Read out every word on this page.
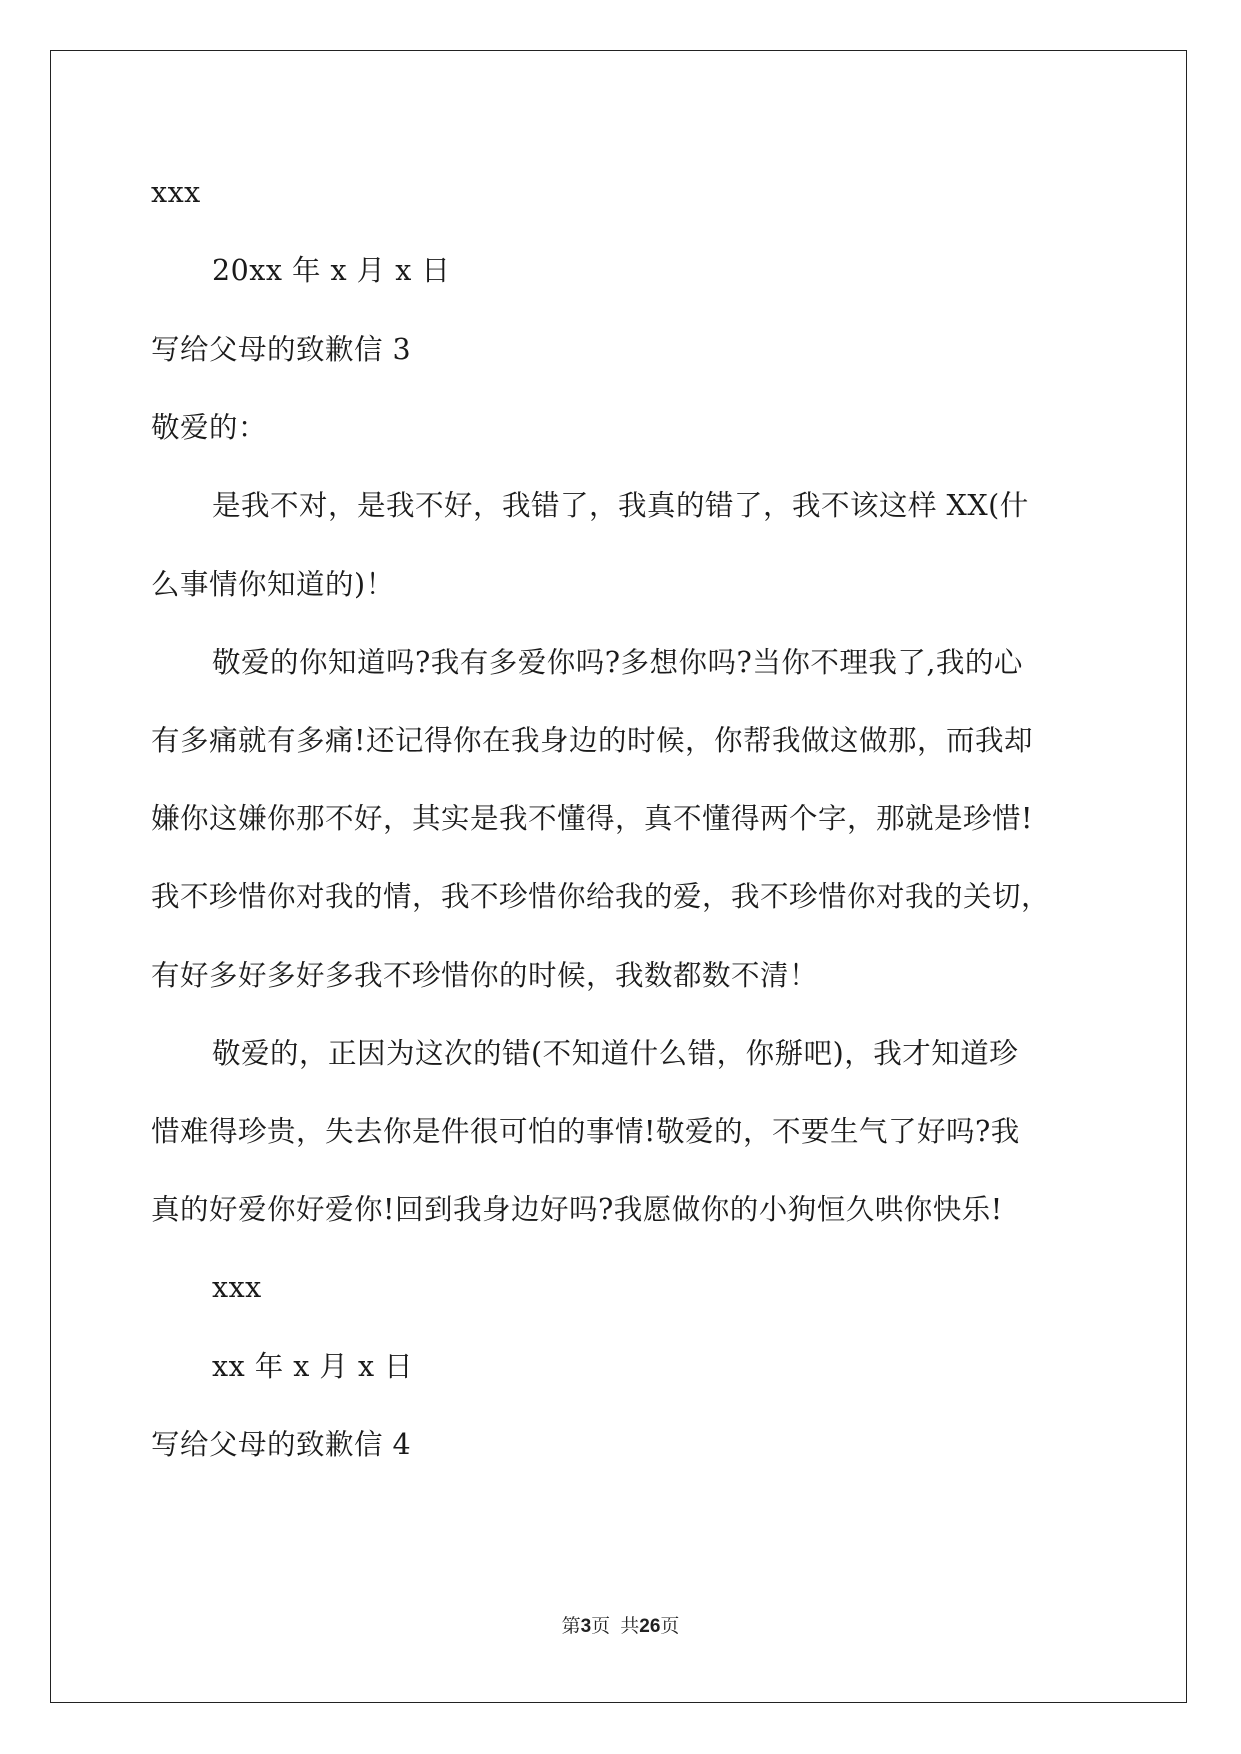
xxx
20xx 年 x 月 x 日
写给父母的致歉信 3
敬爱的：
是我不对，是我不好，我错了，我真的错了，我不该这样 XX(什
么事情你知道的)！
敬爱的你知道吗?我有多爱你吗?多想你吗?当你不理我了,我的心
有多痛就有多痛!还记得你在我身边的时候，你帮我做这做那，而我却
嫌你这嫌你那不好，其实是我不懂得，真不懂得两个字，那就是珍惜!
我不珍惜你对我的情，我不珍惜你给我的爱，我不珍惜你对我的关切，
有好多好多好多我不珍惜你的时候，我数都数不清！
敬爱的，正因为这次的错(不知道什么错，你掰吧)，我才知道珍
惜难得珍贵，失去你是件很可怕的事情!敬爱的，不要生气了好吗?我
真的好爱你好爱你!回到我身边好吗?我愿做你的小狗恒久哄你快乐!
xxx
xx 年 x 月 x 日
写给父母的致歉信 4
第3页 共26页
